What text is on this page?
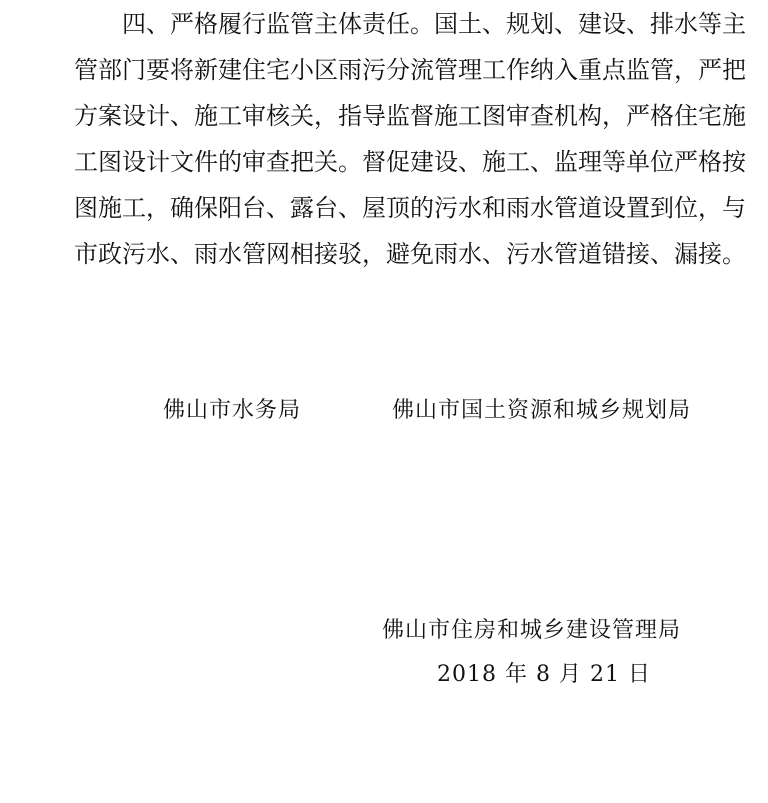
四、严格履行监管主体责任。国土、规划、建设、排水等主
管部门要将新建住宅小区雨污分流管理工作纳入重点监管，严把
方案设计、施工审核关，指导监督施工图审查机构，严格住宅施
工图设计文件的审查把关。督促建设、施工、监理等单位严格按
图施工，确保阳台、露台、屋顶的污水和雨水管道设置到位，与
市政污水、雨水管网相接驳，避免雨水、污水管道错接、漏接。
佛山市水务局	佛山市国土资源和城乡规划局
佛山市住房和城乡建设管理局
2018 年 8 月 21 日
